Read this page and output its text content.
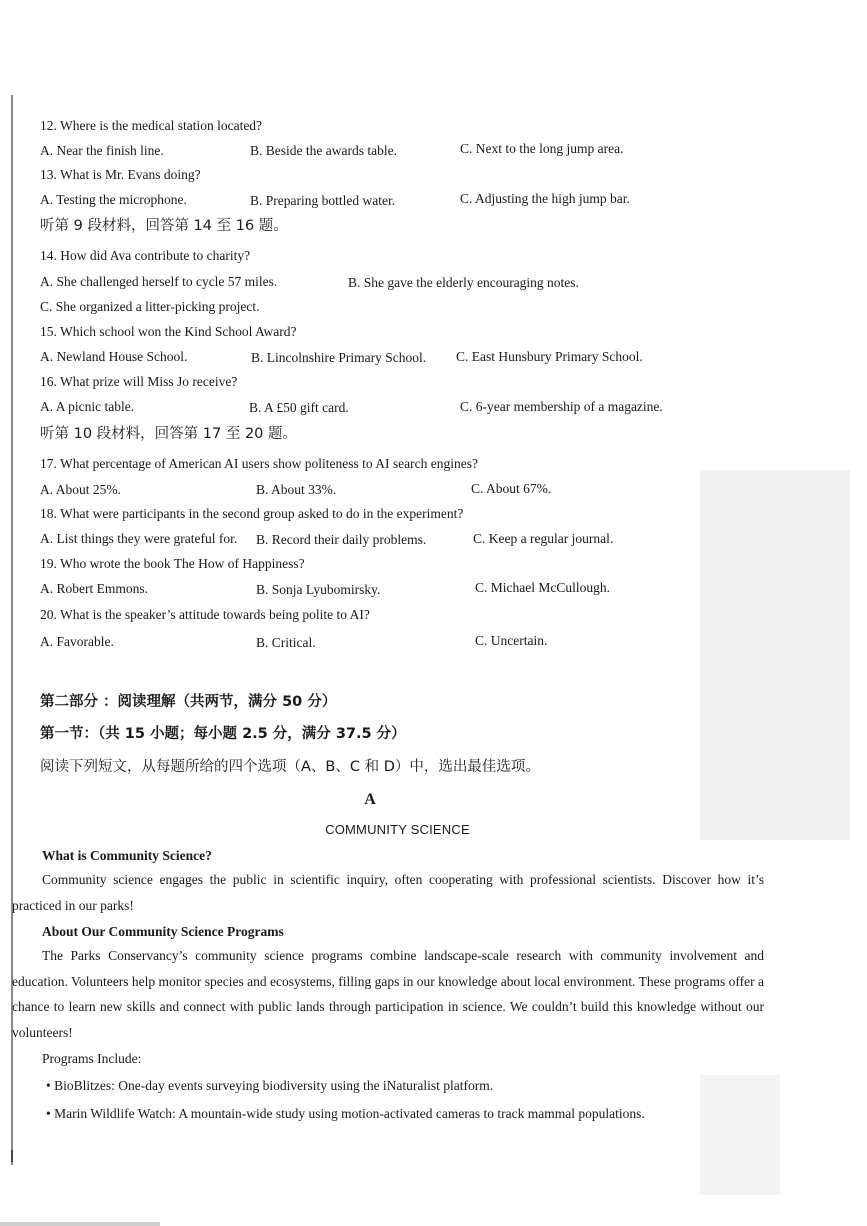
12. Where is the medical station located?
A. Near the finish line.	B. Beside the awards table.	C. Next to the long jump area.
13. What is Mr. Evans doing?
A. Testing the microphone.	B. Preparing bottled water.	C. Adjusting the high jump bar.
听第 9 段材料，回答第 14 至 16 题。
14. How did Ava contribute to charity?
A. She challenged herself to cycle 57 miles.	B. She gave the elderly encouraging notes.
C. She organized a litter-picking project.
15. Which school won the Kind School Award?
A. Newland House School.	B. Lincolnshire Primary School. C. East Hunsbury Primary School.
16. What prize will Miss Jo receive?
A. A picnic table.	B. A £50 gift card.	C. 6-year membership of a magazine.
听第 10 段材料，回答第 17 至 20 题。
17. What percentage of American AI users show politeness to AI search engines?
A. About 25%.	B. About 33%.	C. About 67%.
18. What were participants in the second group asked to do in the experiment?
A. List things they were grateful for. B. Record their daily problems.	C. Keep a regular journal.
19. Who wrote the book The How of Happiness?
A. Robert Emmons.	B. Sonja Lyubomirsky.	C. Michael McCullough.
20. What is the speaker’s attitude towards being polite to AI?
A. Favorable.	B. Critical.	C. Uncertain.
第二部分 ：阅读理解（共两节，满分 50 分）
第一节：（共 15 小题；每小题 2.5 分，满分 37.5 分）
阅读下列短文，从每题所给的四个选项（A、B、C 和 D）中，选出最佳选项。
A
COMMUNITY SCIENCE
What is Community Science?
Community science engages the public in scientific inquiry, often cooperating with professional scientists. Discover how it’s practiced in our parks!
About Our Community Science Programs
The Parks Conservancy’s community science programs combine landscape-scale research with community involvement and education. Volunteers help monitor species and ecosystems, filling gaps in our knowledge about local environment. These programs offer a chance to learn new skills and connect with public lands through participation in science. We couldn’t build this knowledge without our volunteers!
Programs Include:
• BioBlitzes: One-day events surveying biodiversity using the iNaturalist platform.
• Marin Wildlife Watch: A mountain-wide study using motion-activated cameras to track mammal populations.
